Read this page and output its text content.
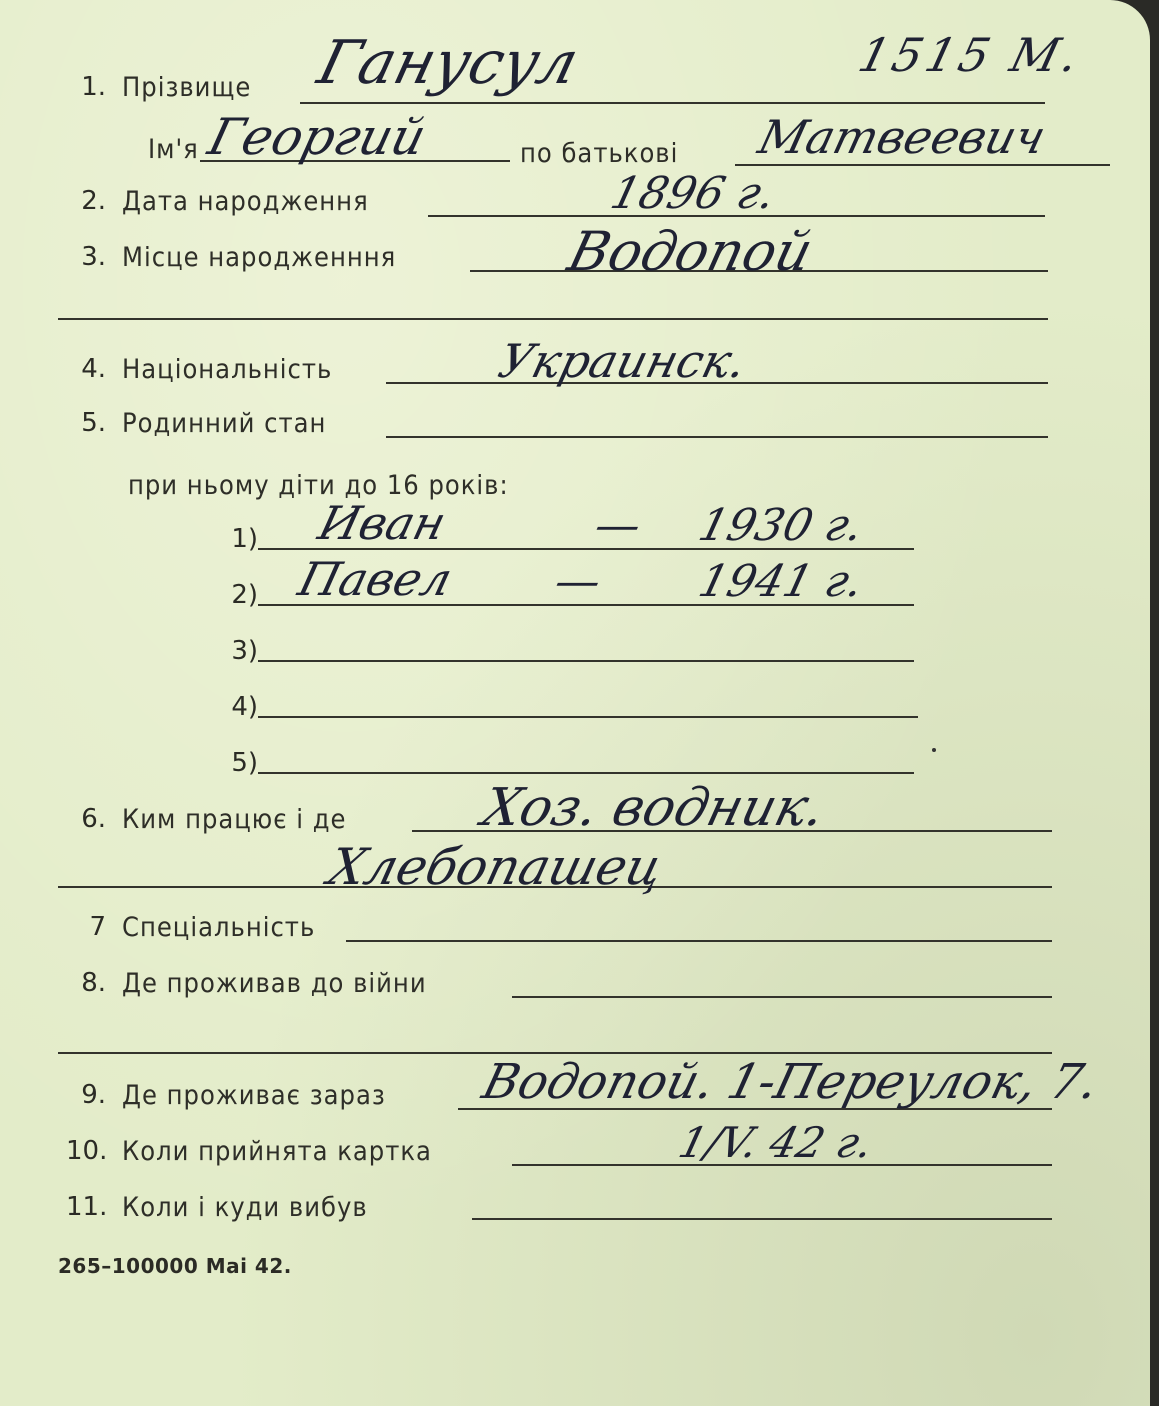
1515 M.
1. Прізвище Ганусул
Ім'я Георгий	по батькові Матвеевич
2. Дата народження	1896 г.
3. Місце народженння	Водопой
4. Національність	Украинск.
5. Родинний стан
при ньому діти до 16 років:
1) Иван	— 1930 г.
2) Павел — 1941 г.
3)
4)
5)
6. Ким працює і де	Хоз. водник.
Хлебопашец
7 Спеціальність
8. Де проживав до війни
9. Де проживає зараз Водопой. 1-Переулок, 7.
10. Коли прийнята картка	1/V. 42 г.
11. Коли і куди вибув
265–100000 Mai 42.
